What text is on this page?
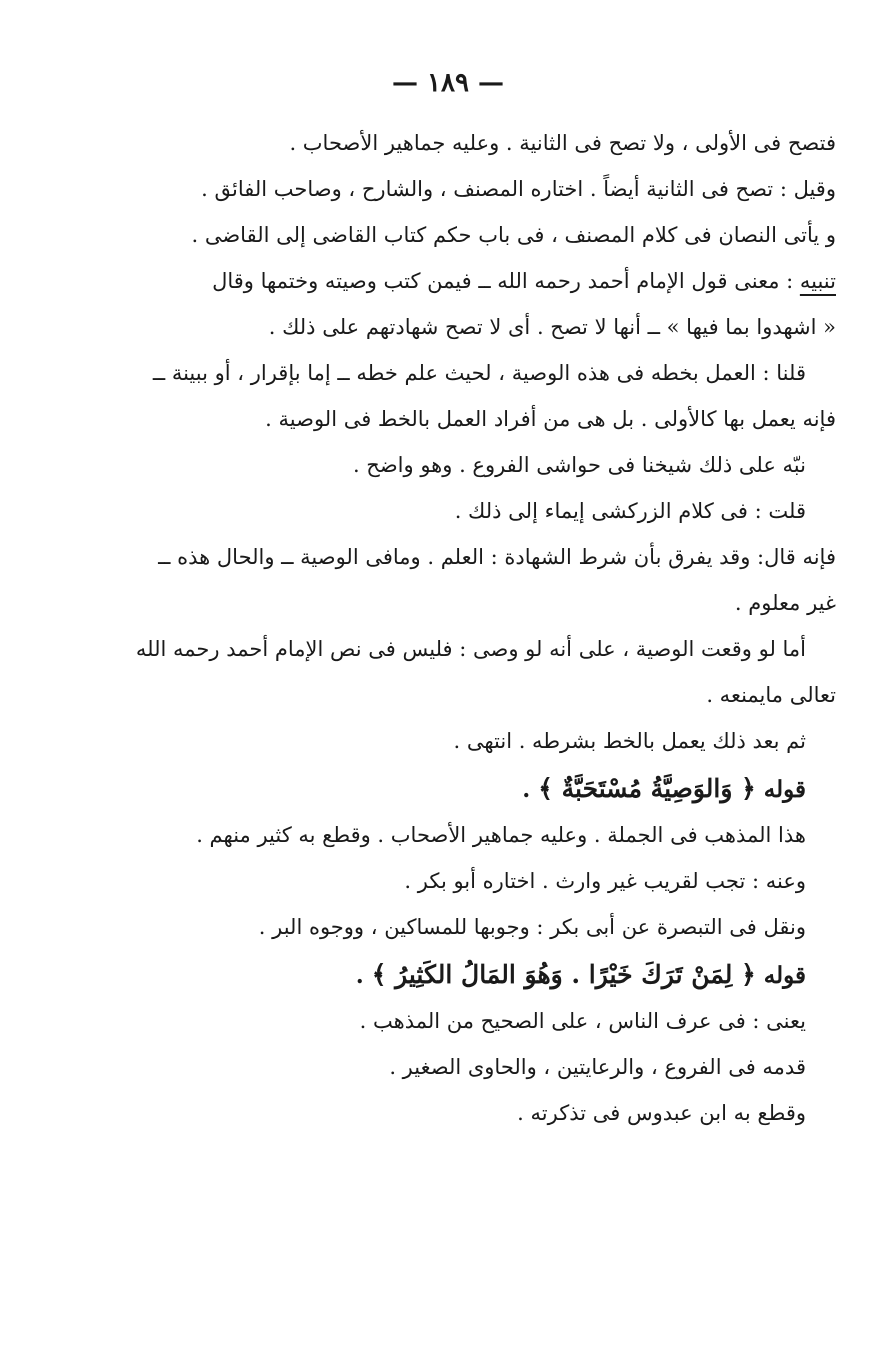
— ١٨٩ —
فتصح فى الأولى ، ولا تصح فى الثانية . وعليه جماهير الأصحاب .
وقيل : تصح فى الثانية أيضاً . اختاره المصنف ، والشارح ، وصاحب الفائق .
و يأتى النصان فى كلام المصنف ، فى باب حكم كتاب القاضى إلى القاضى .
تنبيه : معنى قول الإمام أحمد رحمه الله ــ فيمن كتب وصيته وختمها وقال
« اشهدوا بما فيها » ــ أنها لا تصح . أى لا تصح شهادتهم على ذلك .
قلنا : العمل بخطه فى هذه الوصية ، لحيث علم خطه ــ إما بإقرار ، أو ببينة ــ
فإنه يعمل بها كالأولى . بل هى من أفراد العمل بالخط فى الوصية .
نبّه على ذلك شيخنا فى حواشى الفروع . وهو واضح .
قلت : فى كلام الزركشى إيماء إلى ذلك .
فإنه قال: وقد يفرق بأن شرط الشهادة : العلم . ومافى الوصية ــ والحال هذه ــ
غير معلوم .
أما لو وقعت الوصية ، على أنه لو وصى : فليس فى نص الإمام أحمد رحمه الله
تعالى مايمنعه .
ثم بعد ذلك يعمل بالخط بشرطه . انتهى .
قوله ﴿ وَالوَصِيَّةُ مُسْتَحَبَّةٌ ﴾ .
هذا المذهب فى الجملة . وعليه جماهير الأصحاب . وقطع به كثير منهم .
وعنه : تجب لقريب غير وارث . اختاره أبو بكر .
ونقل فى التبصرة عن أبى بكر : وجوبها للمساكين ، ووجوه البر .
قوله ﴿ لِمَنْ تَرَكَ خَيْرًا . وَهُوَ المَالُ الكَثِيرُ ﴾ .
يعنى : فى عرف الناس ، على الصحيح من المذهب .
قدمه فى الفروع ، والرعايتين ، والحاوى الصغير .
وقطع به ابن عبدوس فى تذكرته .
